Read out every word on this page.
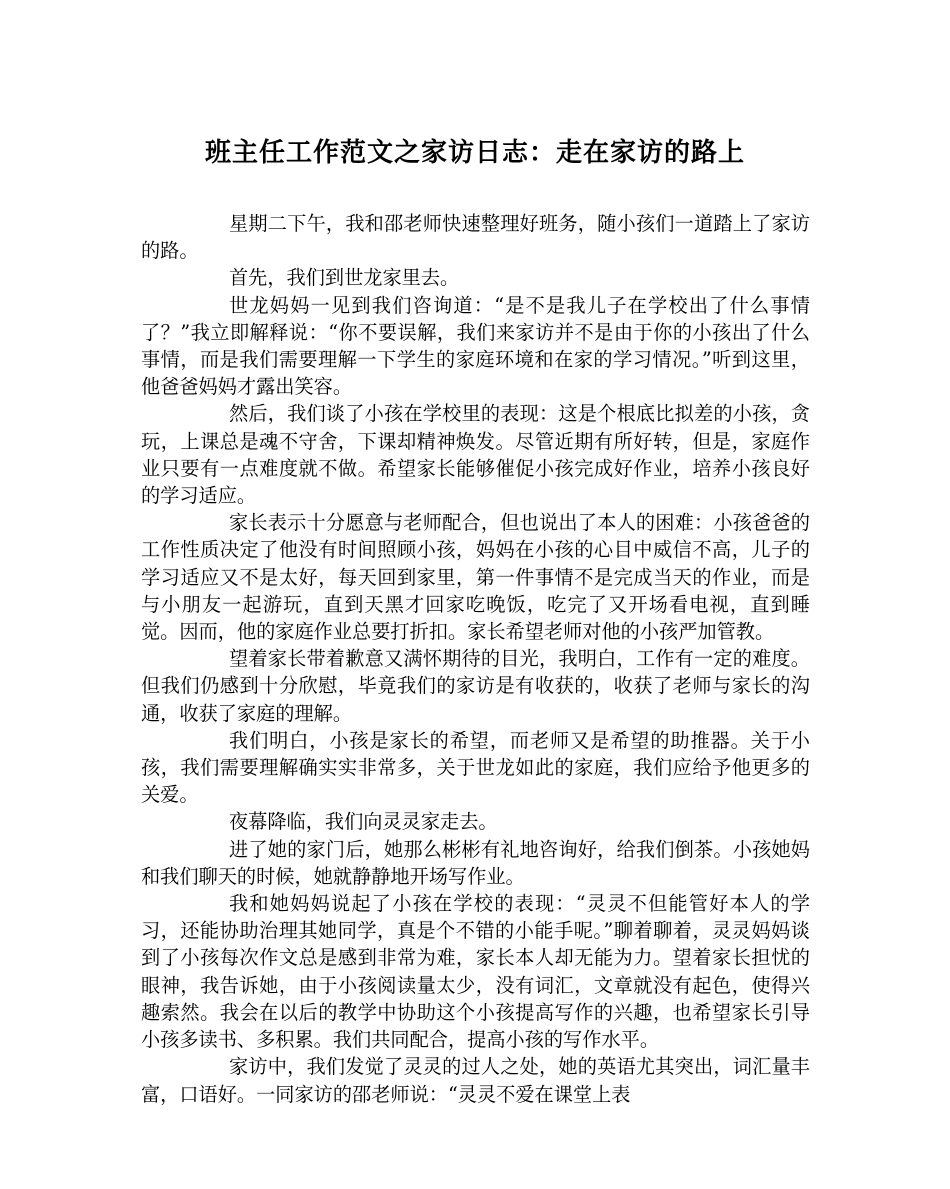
班主任工作范文之家访日志：走在家访的路上

星期二下午，我和邵老师快速整理好班务，随小孩们一道踏上了家访的路。

首先，我们到世龙家里去。

世龙妈妈一见到我们咨询道：“是不是我儿子在学校出了什么事情了？”我立即解释说：“你不要误解，我们来家访并不是由于你的小孩出了什么事情，而是我们需要理解一下学生的家庭环境和在家的学习情况。”听到这里，他爸爸妈妈才露出笑容。

然后，我们谈了小孩在学校里的表现：这是个根底比拟差的小孩，贪玩，上课总是魂不守舍，下课却精神焕发。尽管近期有所好转，但是，家庭作业只要有一点难度就不做。希望家长能够催促小孩完成好作业，培养小孩良好的学习适应。

家长表示十分愿意与老师配合，但也说出了本人的困难：小孩爸爸的工作性质决定了他没有时间照顾小孩，妈妈在小孩的心目中威信不高，儿子的学习适应又不是太好，每天回到家里，第一件事情不是完成当天的作业，而是与小朋友一起游玩，直到天黑才回家吃晚饭，吃完了又开场看电视，直到睡觉。因而，他的家庭作业总要打折扣。家长希望老师对他的小孩严加管教。

望着家长带着歉意又满怀期待的目光，我明白，工作有一定的难度。但我们仍感到十分欣慰，毕竟我们的家访是有收获的，收获了老师与家长的沟通，收获了家庭的理解。

我们明白，小孩是家长的希望，而老师又是希望的助推器。关于小孩，我们需要理解确实实非常多，关于世龙如此的家庭，我们应给予他更多的关爱。

夜幕降临，我们向灵灵家走去。

进了她的家门后，她那么彬彬有礼地咨询好，给我们倒茶。小孩她妈和我们聊天的时候，她就静静地开场写作业。

我和她妈妈说起了小孩在学校的表现：“灵灵不但能管好本人的学习，还能协助治理其她同学，真是个不错的小能手呢。”聊着聊着，灵灵妈妈谈到了小孩每次作文总是感到非常为难，家长本人却无能为力。望着家长担忧的眼神，我告诉她，由于小孩阅读量太少，没有词汇，文章就没有起色，使得兴趣索然。我会在以后的教学中协助这个小孩提高写作的兴趣，也希望家长引导小孩多读书、多积累。我们共同配合，提高小孩的写作水平。

家访中，我们发觉了灵灵的过人之处，她的英语尤其突出，词汇量丰富，口语好。一同家访的邵老师说：“灵灵不爱在课堂上表
